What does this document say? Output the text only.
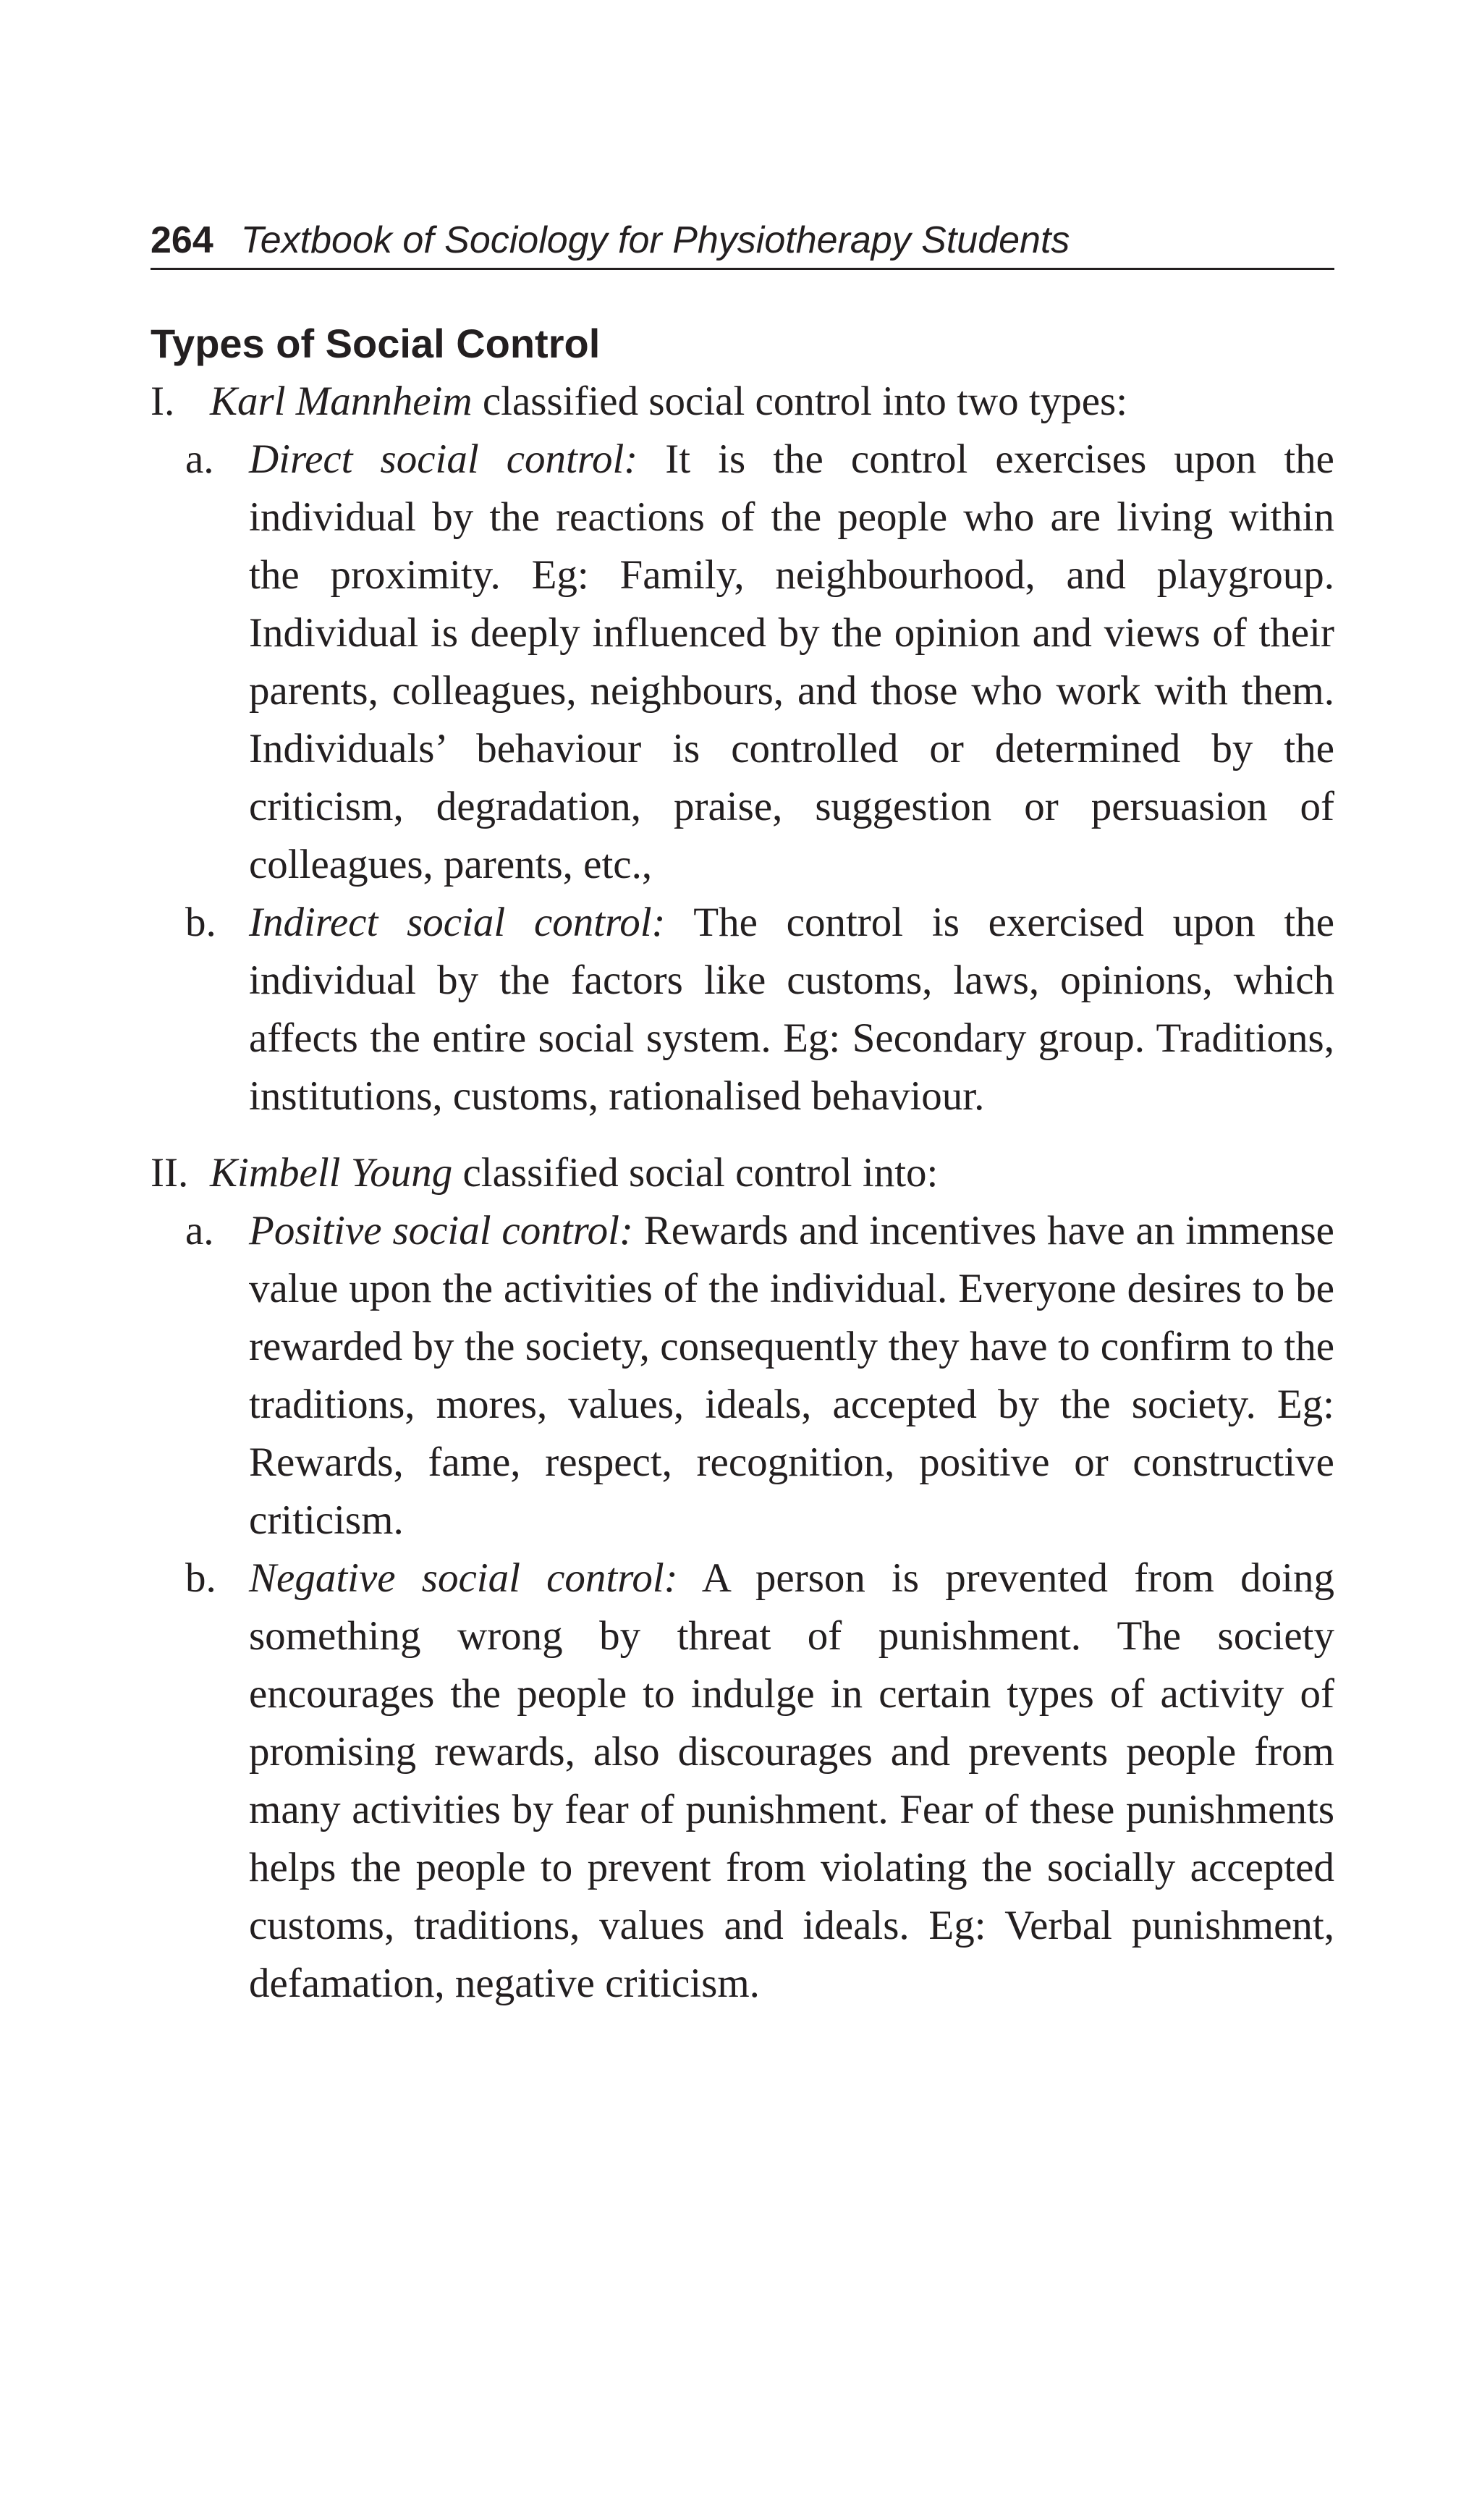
264 Textbook of Sociology for Physiotherapy Students
Types of Social Control
I. Karl Mannheim classified social control into two types:
a. Direct social control: It is the control exercises upon the individual by the reactions of the people who are living within the proximity. Eg: Family, neighbourhood, and playgroup. Individual is deeply influenced by the opinion and views of their parents, colleagues, neighbours, and those who work with them. Individuals’ behaviour is controlled or determined by the criticism, degradation, praise, suggestion or persuasion of colleagues, parents, etc.,
b. Indirect social control: The control is exercised upon the individual by the factors like customs, laws, opinions, which affects the entire social system. Eg: Secondary group. Traditions, institutions, customs, rationalised behaviour.
II. Kimbell Young classified social control into:
a. Positive social control: Rewards and incentives have an immense value upon the activities of the individual. Everyone desires to be rewarded by the society, consequently they have to confirm to the traditions, mores, values, ideals, accepted by the society. Eg: Rewards, fame, respect, recognition, positive or constructive criticism.
b. Negative social control: A person is prevented from doing something wrong by threat of punishment. The society encourages the people to indulge in certain types of activity of promising rewards, also discourages and prevents people from many activities by fear of punishment. Fear of these punishments helps the people to prevent from violating the socially accepted customs, traditions, values and ideals. Eg: Verbal punishment, defamation, negative criticism.
